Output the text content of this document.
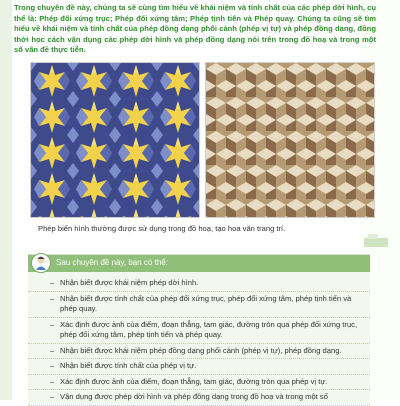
Trong chuyên đề này, chúng ta sẽ cùng tìm hiểu về khái niệm và tính chất của các phép dời hình, cụ thể là: Phép đối xứng trục; Phép đối xứng tâm; Phép tịnh tiến và Phép quay. Chúng ta cũng sẽ tìm hiểu về khái niệm và tính chất của phép đồng dạng phối cảnh (phép vị tự) và phép đồng dạng, đồng thời học cách vận dụng các phép dời hình và phép đồng dạng nói trên trong đồ hoạ và trong một số vấn đề thực tiễn.

Phép biến hình thường được sử dụng trong đồ hoạ, tạo hoa văn trang trí.

Sau chuyên đề này, bạn có thể:
– Nhận biết được khái niệm phép dời hình.
– Nhận biết được tính chất của phép đối xứng trục, phép đối xứng tâm, phép tịnh tiến và phép quay.
– Xác định được ảnh của điểm, đoạn thẳng, tam giác, đường tròn qua phép đối xứng trục, phép đối xứng tâm, phép tịnh tiến và phép quay.
– Nhận biết được khái niệm phép đồng dạng phối cảnh (phép vị tự), phép đồng dạng.
– Nhận biết được tính chất của phép vị tự.
– Xác định được ảnh của điểm, đoạn thẳng, tam giác, đường tròn qua phép vị tự.
– Vận dụng được phép dời hình và phép đồng dạng trong đồ hoạ và trong một số
